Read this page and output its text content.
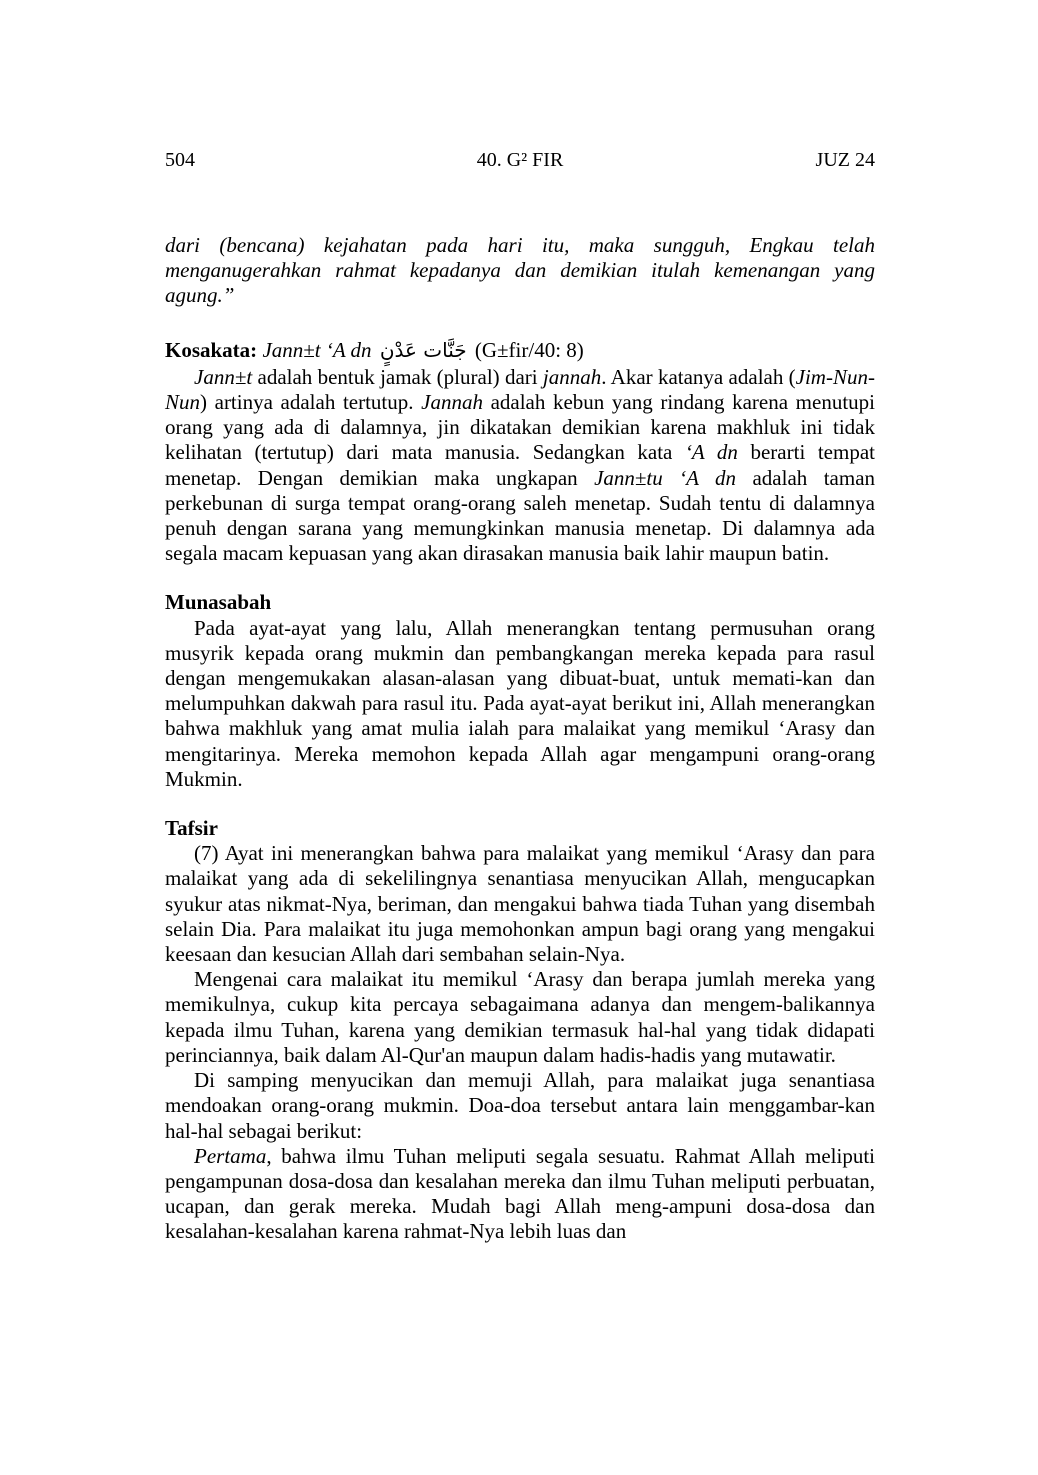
504	40. G² FIR	JUZ 24

dari (bencana) kejahatan pada hari itu, maka sungguh, Engkau telah menganugerahkan rahmat kepadanya dan demikian itulah kemenangan yang agung.”

Kosakata: Jann±t ‘A dn جَنَّات عَدْنٍ (G±fir/40: 8)

Jann±t adalah bentuk jamak (plural) dari jannah. Akar katanya adalah (Jim-Nun-Nun) artinya adalah tertutup. Jannah adalah kebun yang rindang karena menutupi orang yang ada di dalamnya, jin dikatakan demikian karena makhluk ini tidak kelihatan (tertutup) dari mata manusia. Sedangkan kata ‘A dn berarti tempat menetap. Dengan demikian maka ungkapan Jann±tu ‘A dn adalah taman perkebunan di surga tempat orang-orang saleh menetap. Sudah tentu di dalamnya penuh dengan sarana yang memungkinkan manusia menetap. Di dalamnya ada segala macam kepuasan yang akan dirasakan manusia baik lahir maupun batin.

Munasabah

Pada ayat-ayat yang lalu, Allah menerangkan tentang permusuhan orang musyrik kepada orang mukmin dan pembangkangan mereka kepada para rasul dengan mengemukakan alasan-alasan yang dibuat-buat, untuk memati-kan dan melumpuhkan dakwah para rasul itu. Pada ayat-ayat berikut ini, Allah menerangkan bahwa makhluk yang amat mulia ialah para malaikat yang memikul ‘Arasy dan mengitarinya. Mereka memohon kepada Allah agar mengampuni orang-orang Mukmin.

Tafsir

(7) Ayat ini menerangkan bahwa para malaikat yang memikul ‘Arasy dan para malaikat yang ada di sekelilingnya senantiasa menyucikan Allah, mengucapkan syukur atas nikmat-Nya, beriman, dan mengakui bahwa tiada Tuhan yang disembah selain Dia. Para malaikat itu juga memohonkan ampun bagi orang yang mengakui keesaan dan kesucian Allah dari sembahan selain-Nya.

Mengenai cara malaikat itu memikul ‘Arasy dan berapa jumlah mereka yang memikulnya, cukup kita percaya sebagaimana adanya dan mengem-balikannya kepada ilmu Tuhan, karena yang demikian termasuk hal-hal yang tidak didapati perinciannya, baik dalam Al-Qur'an maupun dalam hadis-hadis yang mutawatir.

Di samping menyucikan dan memuji Allah, para malaikat juga senantiasa mendoakan orang-orang mukmin. Doa-doa tersebut antara lain menggambar-kan hal-hal sebagai berikut:

Pertama, bahwa ilmu Tuhan meliputi segala sesuatu. Rahmat Allah meliputi pengampunan dosa-dosa dan kesalahan mereka dan ilmu Tuhan meliputi perbuatan, ucapan, dan gerak mereka. Mudah bagi Allah meng-ampuni dosa-dosa dan kesalahan-kesalahan karena rahmat-Nya lebih luas dan
